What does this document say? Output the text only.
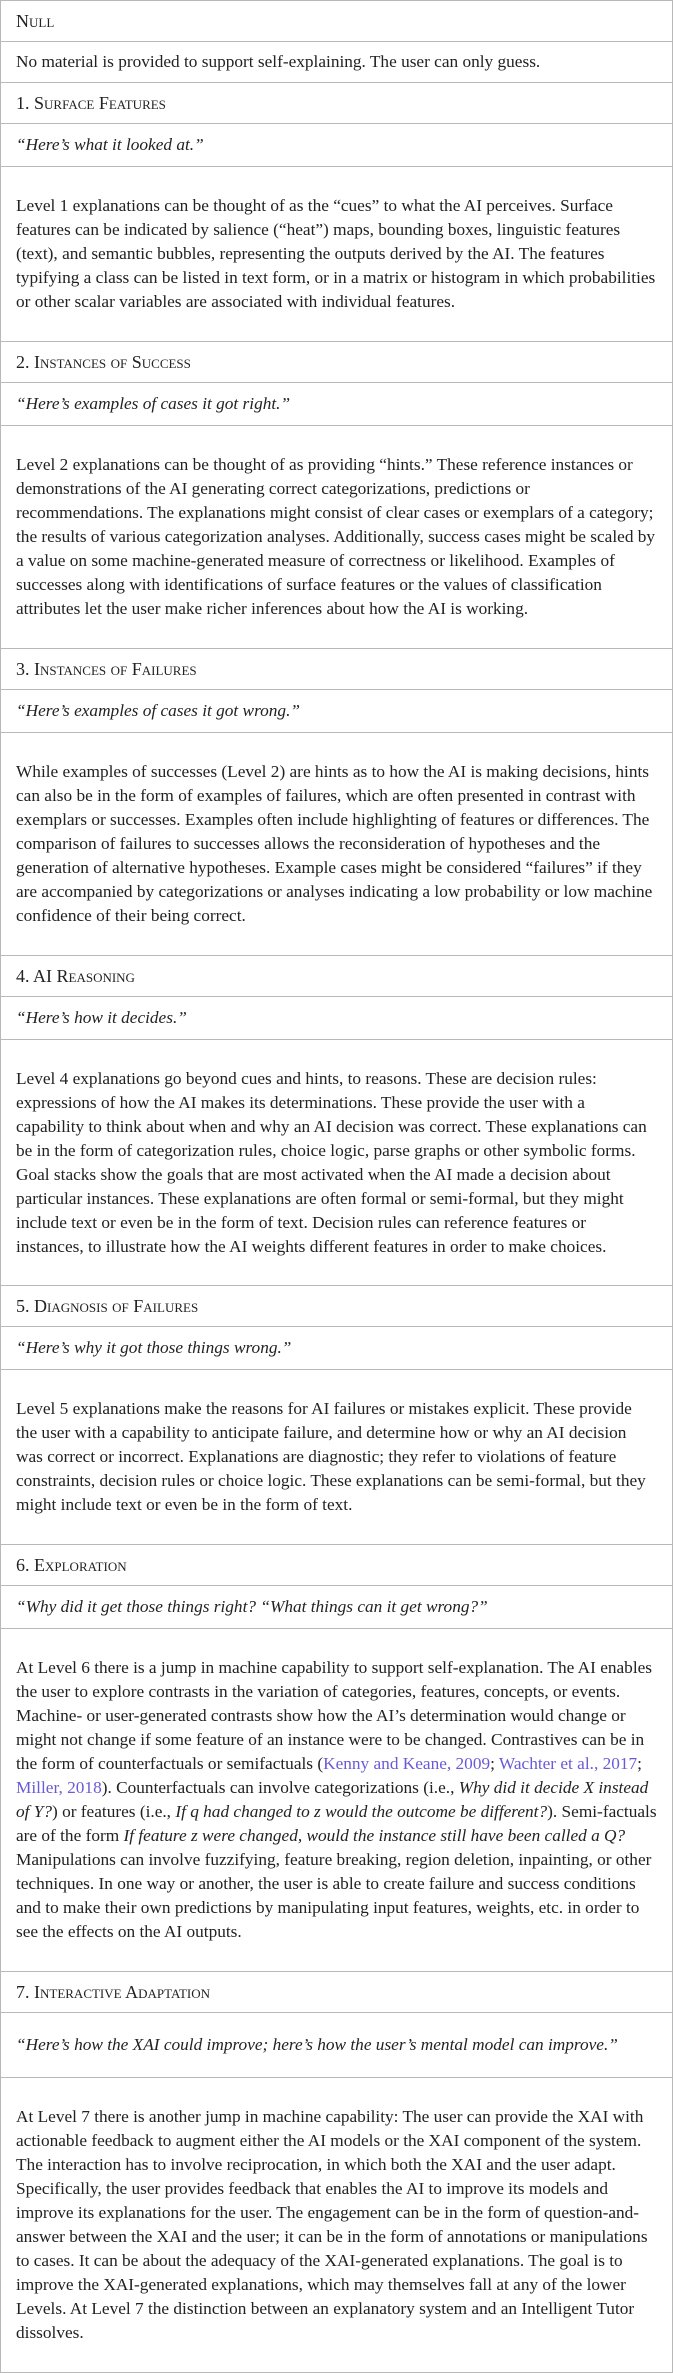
Null

No material is provided to support self-explaining. The user can only guess.

1. Surface Features
“Here’s what it looked at.”

Level 1 explanations can be thought of as the “cues” to what the AI perceives. Surface features can be indicated by salience (“heat”) maps, bounding boxes, linguistic features (text), and semantic bubbles, representing the outputs derived by the AI. The features typifying a class can be listed in text form, or in a matrix or histogram in which probabilities or other scalar variables are associated with individual features.

2. Instances of Success
“Here’s examples of cases it got right.”

Level 2 explanations can be thought of as providing “hints.” These reference instances or demonstrations of the AI generating correct categorizations, predictions or recommendations. The explanations might consist of clear cases or exemplars of a category; the results of various categorization analyses. Additionally, success cases might be scaled by a value on some machine-generated measure of correctness or likelihood. Examples of successes along with identifications of surface features or the values of classification attributes let the user make richer inferences about how the AI is working.

3. Instances of Failures
“Here’s examples of cases it got wrong.”

While examples of successes (Level 2) are hints as to how the AI is making decisions, hints can also be in the form of examples of failures, which are often presented in contrast with exemplars or successes. Examples often include highlighting of features or differences. The comparison of failures to successes allows the reconsideration of hypotheses and the generation of alternative hypotheses. Example cases might be considered “failures” if they are accompanied by categorizations or analyses indicating a low probability or low machine confidence of their being correct.

4. AI Reasoning
“Here’s how it decides.”

Level 4 explanations go beyond cues and hints, to reasons. These are decision rules: expressions of how the AI makes its determinations. These provide the user with a capability to think about when and why an AI decision was correct. These explanations can be in the form of categorization rules, choice logic, parse graphs or other symbolic forms. Goal stacks show the goals that are most activated when the AI made a decision about particular instances. These explanations are often formal or semi-formal, but they might include text or even be in the form of text. Decision rules can reference features or instances, to illustrate how the AI weights different features in order to make choices.

5. Diagnosis of Failures
“Here’s why it got those things wrong.”

Level 5 explanations make the reasons for AI failures or mistakes explicit. These provide the user with a capability to anticipate failure, and determine how or why an AI decision was correct or incorrect. Explanations are diagnostic; they refer to violations of feature constraints, decision rules or choice logic. These explanations can be semi-formal, but they might include text or even be in the form of text.

6. Exploration
“Why did it get those things right? “What things can it get wrong?”

At Level 6 there is a jump in machine capability to support self-explanation. The AI enables the user to explore contrasts in the variation of categories, features, concepts, or events. Machine- or user-generated contrasts show how the AI’s determination would change or might not change if some feature of an instance were to be changed. Contrastives can be in the form of counterfactuals or semifactuals (Kenny and Keane, 2009; Wachter et al., 2017; Miller, 2018). Counterfactuals can involve categorizations (i.e., Why did it decide X instead of Y?) or features (i.e., If q had changed to z would the outcome be different?). Semi-factuals are of the form If feature z were changed, would the instance still have been called a Q? Manipulations can involve fuzzifying, feature breaking, region deletion, inpainting, or other techniques. In one way or another, the user is able to create failure and success conditions and to make their own predictions by manipulating input features, weights, etc. in order to see the effects on the AI outputs.

7. Interactive Adaptation
“Here’s how the XAI could improve; here’s how the user’s mental model can improve.”

At Level 7 there is another jump in machine capability: The user can provide the XAI with actionable feedback to augment either the AI models or the XAI component of the system. The interaction has to involve reciprocation, in which both the XAI and the user adapt. Specifically, the user provides feedback that enables the AI to improve its models and improve its explanations for the user. The engagement can be in the form of question-and-answer between the XAI and the user; it can be in the form of annotations or manipulations to cases. It can be about the adequacy of the XAI-generated explanations. The goal is to improve the XAI-generated explanations, which may themselves fall at any of the lower Levels. At Level 7 the distinction between an explanatory system and an Intelligent Tutor dissolves.
